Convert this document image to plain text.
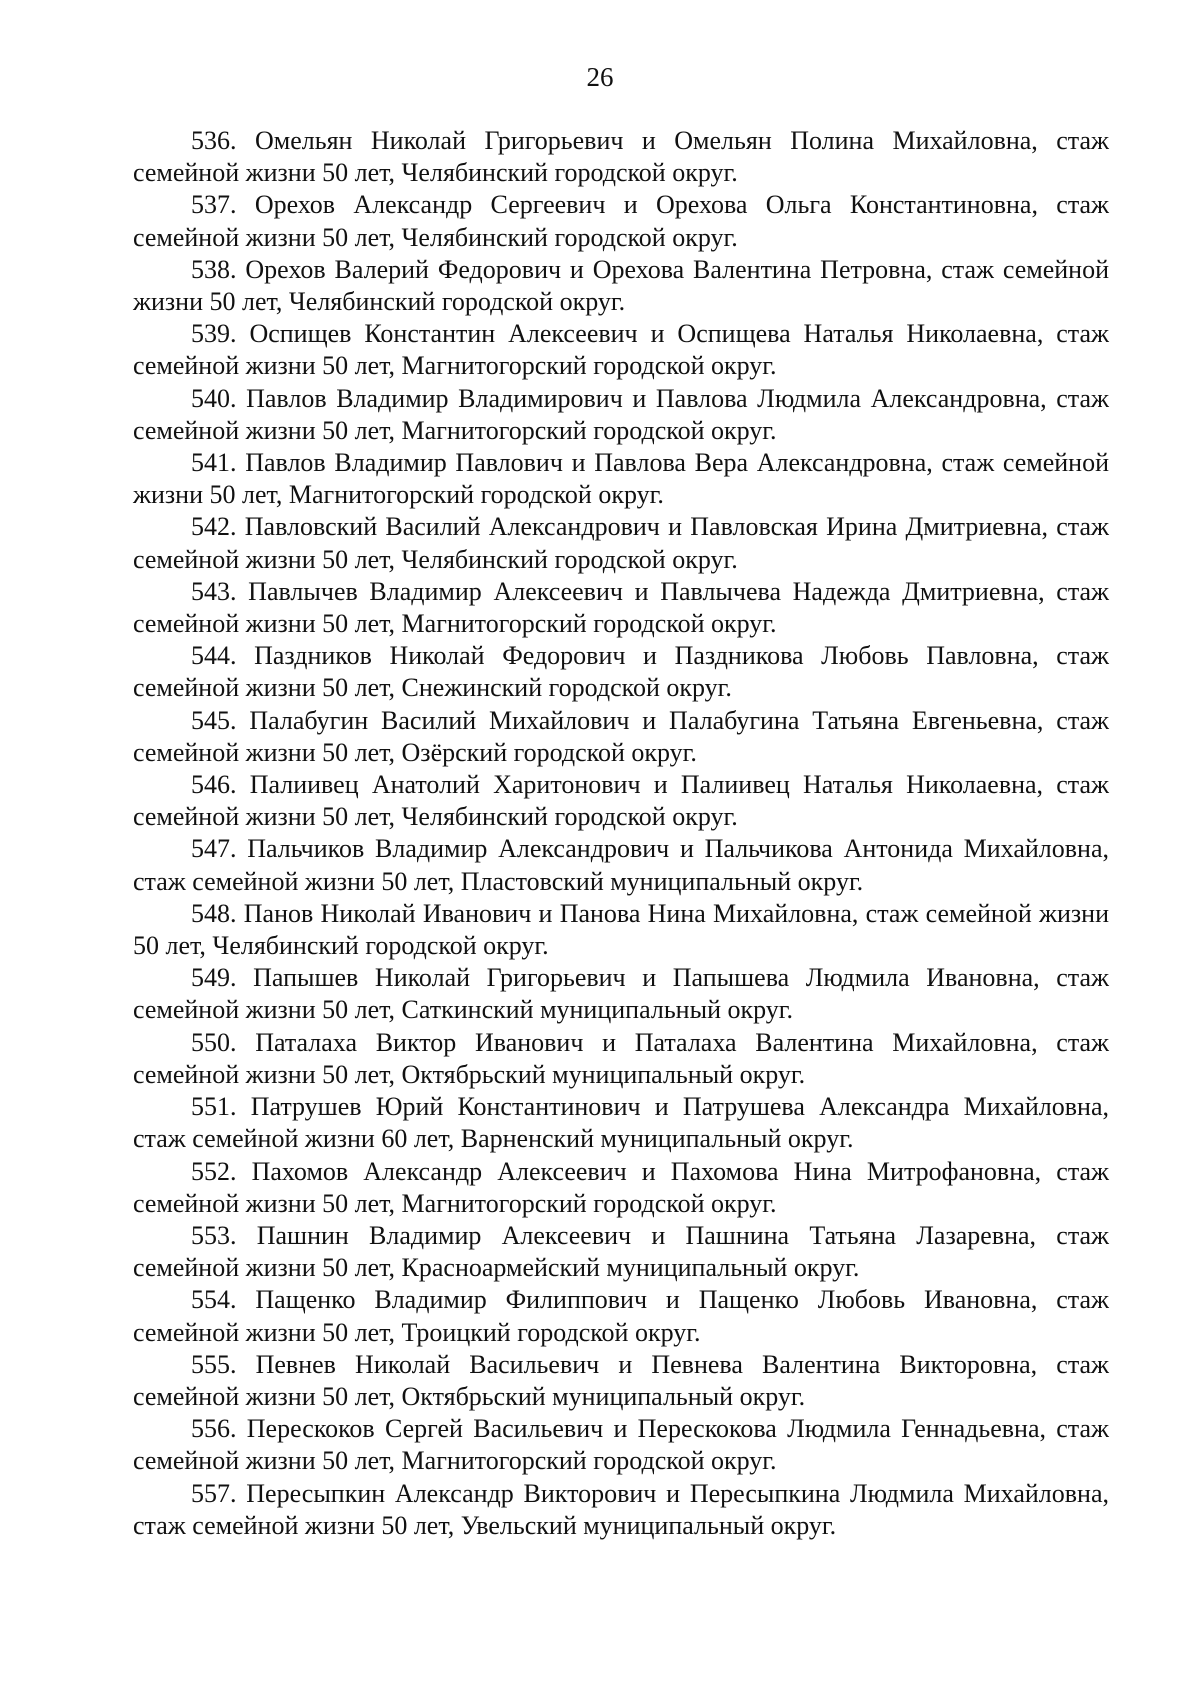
26

536. Омельян Николай Григорьевич и Омельян Полина Михайловна, стаж семейной жизни 50 лет, Челябинский городской округ.

537. Орехов Александр Сергеевич и Орехова Ольга Константиновна, стаж семейной жизни 50 лет, Челябинский городской округ.

538. Орехов Валерий Федорович и Орехова Валентина Петровна, стаж семейной жизни 50 лет, Челябинский городской округ.

539. Оспищев Константин Алексеевич и Оспищева Наталья Николаевна, стаж семейной жизни 50 лет, Магнитогорский городской округ.

540. Павлов Владимир Владимирович и Павлова Людмила Александровна, стаж семейной жизни 50 лет, Магнитогорский городской округ.

541. Павлов Владимир Павлович и Павлова Вера Александровна, стаж семейной жизни 50 лет, Магнитогорский городской округ.

542. Павловский Василий Александрович и Павловская Ирина Дмитриевна, стаж семейной жизни 50 лет, Челябинский городской округ.

543. Павлычев Владимир Алексеевич и Павлычева Надежда Дмитриевна, стаж семейной жизни 50 лет, Магнитогорский городской округ.

544. Паздников Николай Федорович и Паздникова Любовь Павловна, стаж семейной жизни 50 лет, Снежинский городской округ.

545. Палабугин Василий Михайлович и Палабугина Татьяна Евгеньевна, стаж семейной жизни 50 лет, Озёрский городской округ.

546. Палиивец Анатолий Харитонович и Палиивец Наталья Николаевна, стаж семейной жизни 50 лет, Челябинский городской округ.

547. Пальчиков Владимир Александрович и Пальчикова Антонида Михайловна, стаж семейной жизни 50 лет, Пластовский муниципальный округ.

548. Панов Николай Иванович и Панова Нина Михайловна, стаж семейной жизни 50 лет, Челябинский городской округ.

549. Папышев Николай Григорьевич и Папышева Людмила Ивановна, стаж семейной жизни 50 лет, Саткинский муниципальный округ.

550. Паталаха Виктор Иванович и Паталаха Валентина Михайловна, стаж семейной жизни 50 лет, Октябрьский муниципальный округ.

551. Патрушев Юрий Константинович и Патрушева Александра Михайловна, стаж семейной жизни 60 лет, Варненский муниципальный округ.

552. Пахомов Александр Алексеевич и Пахомова Нина Митрофановна, стаж семейной жизни 50 лет, Магнитогорский городской округ.

553. Пашнин Владимир Алексеевич и Пашнина Татьяна Лазаревна, стаж семейной жизни 50 лет, Красноармейский муниципальный округ.

554. Пащенко Владимир Филиппович и Пащенко Любовь Ивановна, стаж семейной жизни 50 лет, Троицкий городской округ.

555. Певнев Николай Васильевич и Певнева Валентина Викторовна, стаж семейной жизни 50 лет, Октябрьский муниципальный округ.

556. Перескоков Сергей Васильевич и Перескокова Людмила Геннадьевна, стаж семейной жизни 50 лет, Магнитогорский городской округ.

557. Пересыпкин Александр Викторович и Пересыпкина Людмила Михайловна, стаж семейной жизни 50 лет, Увельский муниципальный округ.
